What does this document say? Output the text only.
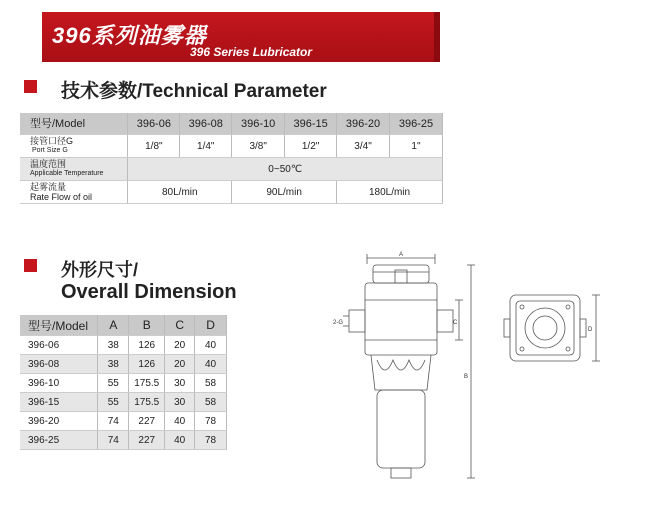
396系列油雾器
396 Series Lubricator
技术参数/Technical Parameter
型号/Model	396-06	396-08	396-10	396-15	396-20	396-25

接管口径G
Port Size G	1/8"	1/4"	3/8"	1/2"	3/4"	1"

温度范围
Applicable Temperature	0~50℃					

起雾流量
Rate Flow of oil	80L/min		90L/min		180L/min	
外形尺寸/
Overall Dimension
型号/Model	A	B	C	D
396-06	38	126	20	40
396-08	38	126	20	40
396-10	55	175.5	30	58
396-15	55	175.5	30	58
396-20	74	227	40	78
396-25	74	227	40	78
A
2-G	C
B
D
